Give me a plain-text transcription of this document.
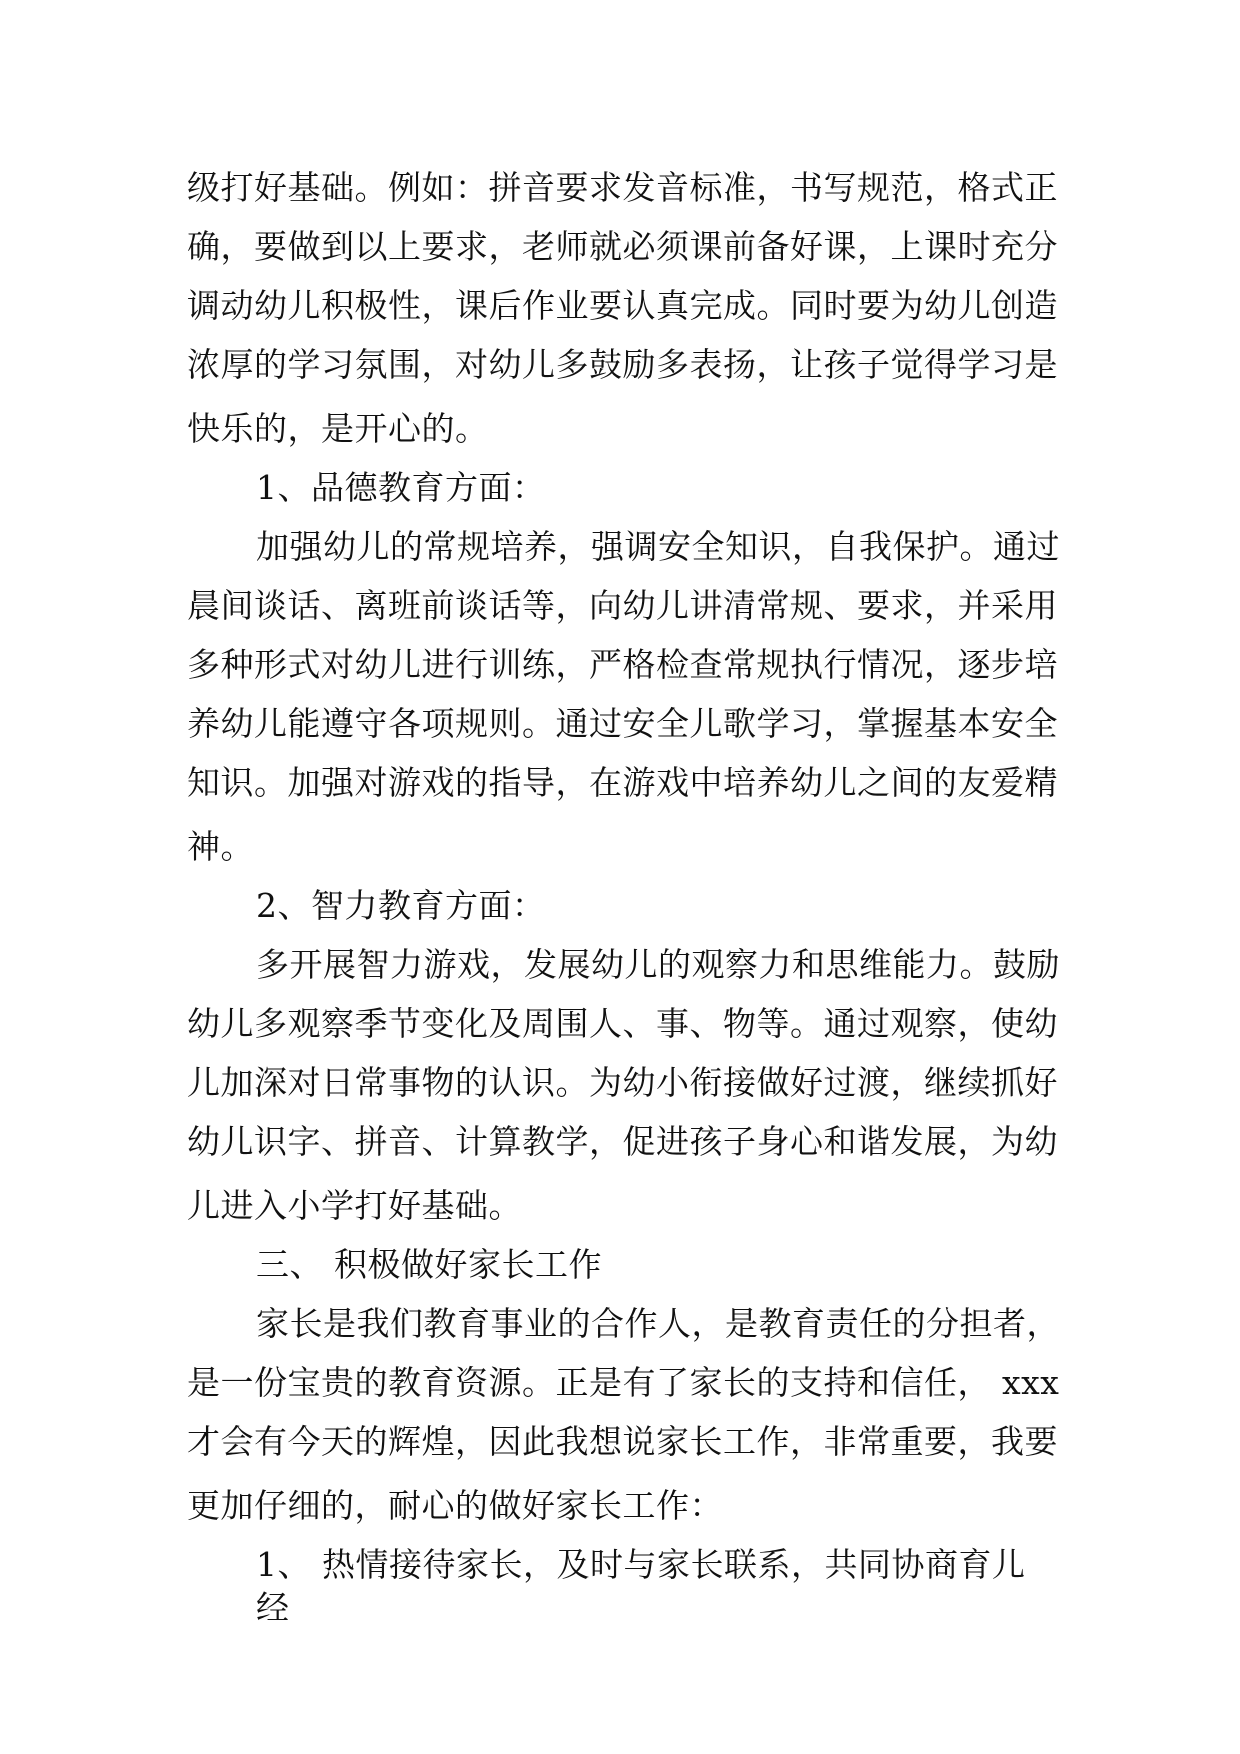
级打好基础。例如：拼音要求发音标准，书写规范，格式正
确，要做到以上要求，老师就必须课前备好课，上课时充分
调动幼儿积极性，课后作业要认真完成。同时要为幼儿创造
浓厚的学习氛围，对幼儿多鼓励多表扬，让孩子觉得学习是
快乐的，是开心的。
1、品德教育方面：
加强幼儿的常规培养，强调安全知识，自我保护。通过
晨间谈话、离班前谈话等，向幼儿讲清常规、要求，并采用
多种形式对幼儿进行训练，严格检查常规执行情况，逐步培
养幼儿能遵守各项规则。通过安全儿歌学习，掌握基本安全
知识。加强对游戏的指导，在游戏中培养幼儿之间的友爱精
神。
2、智力教育方面：
多开展智力游戏，发展幼儿的观察力和思维能力。鼓励
幼儿多观察季节变化及周围人、事、物等。通过观察，使幼
儿加深对日常事物的认识。为幼小衔接做好过渡，继续抓好
幼儿识字、拼音、计算教学，促进孩子身心和谐发展，为幼
儿进入小学打好基础。
三、 积极做好家长工作
家长是我们教育事业的合作人，是教育责任的分担者，
是一份宝贵的教育资源。正是有了家长的支持和信任， xxx
才会有今天的辉煌，因此我想说家长工作，非常重要，我要
更加仔细的，耐心的做好家长工作：
1、 热情接待家长，及时与家长联系，共同协商育儿
经
